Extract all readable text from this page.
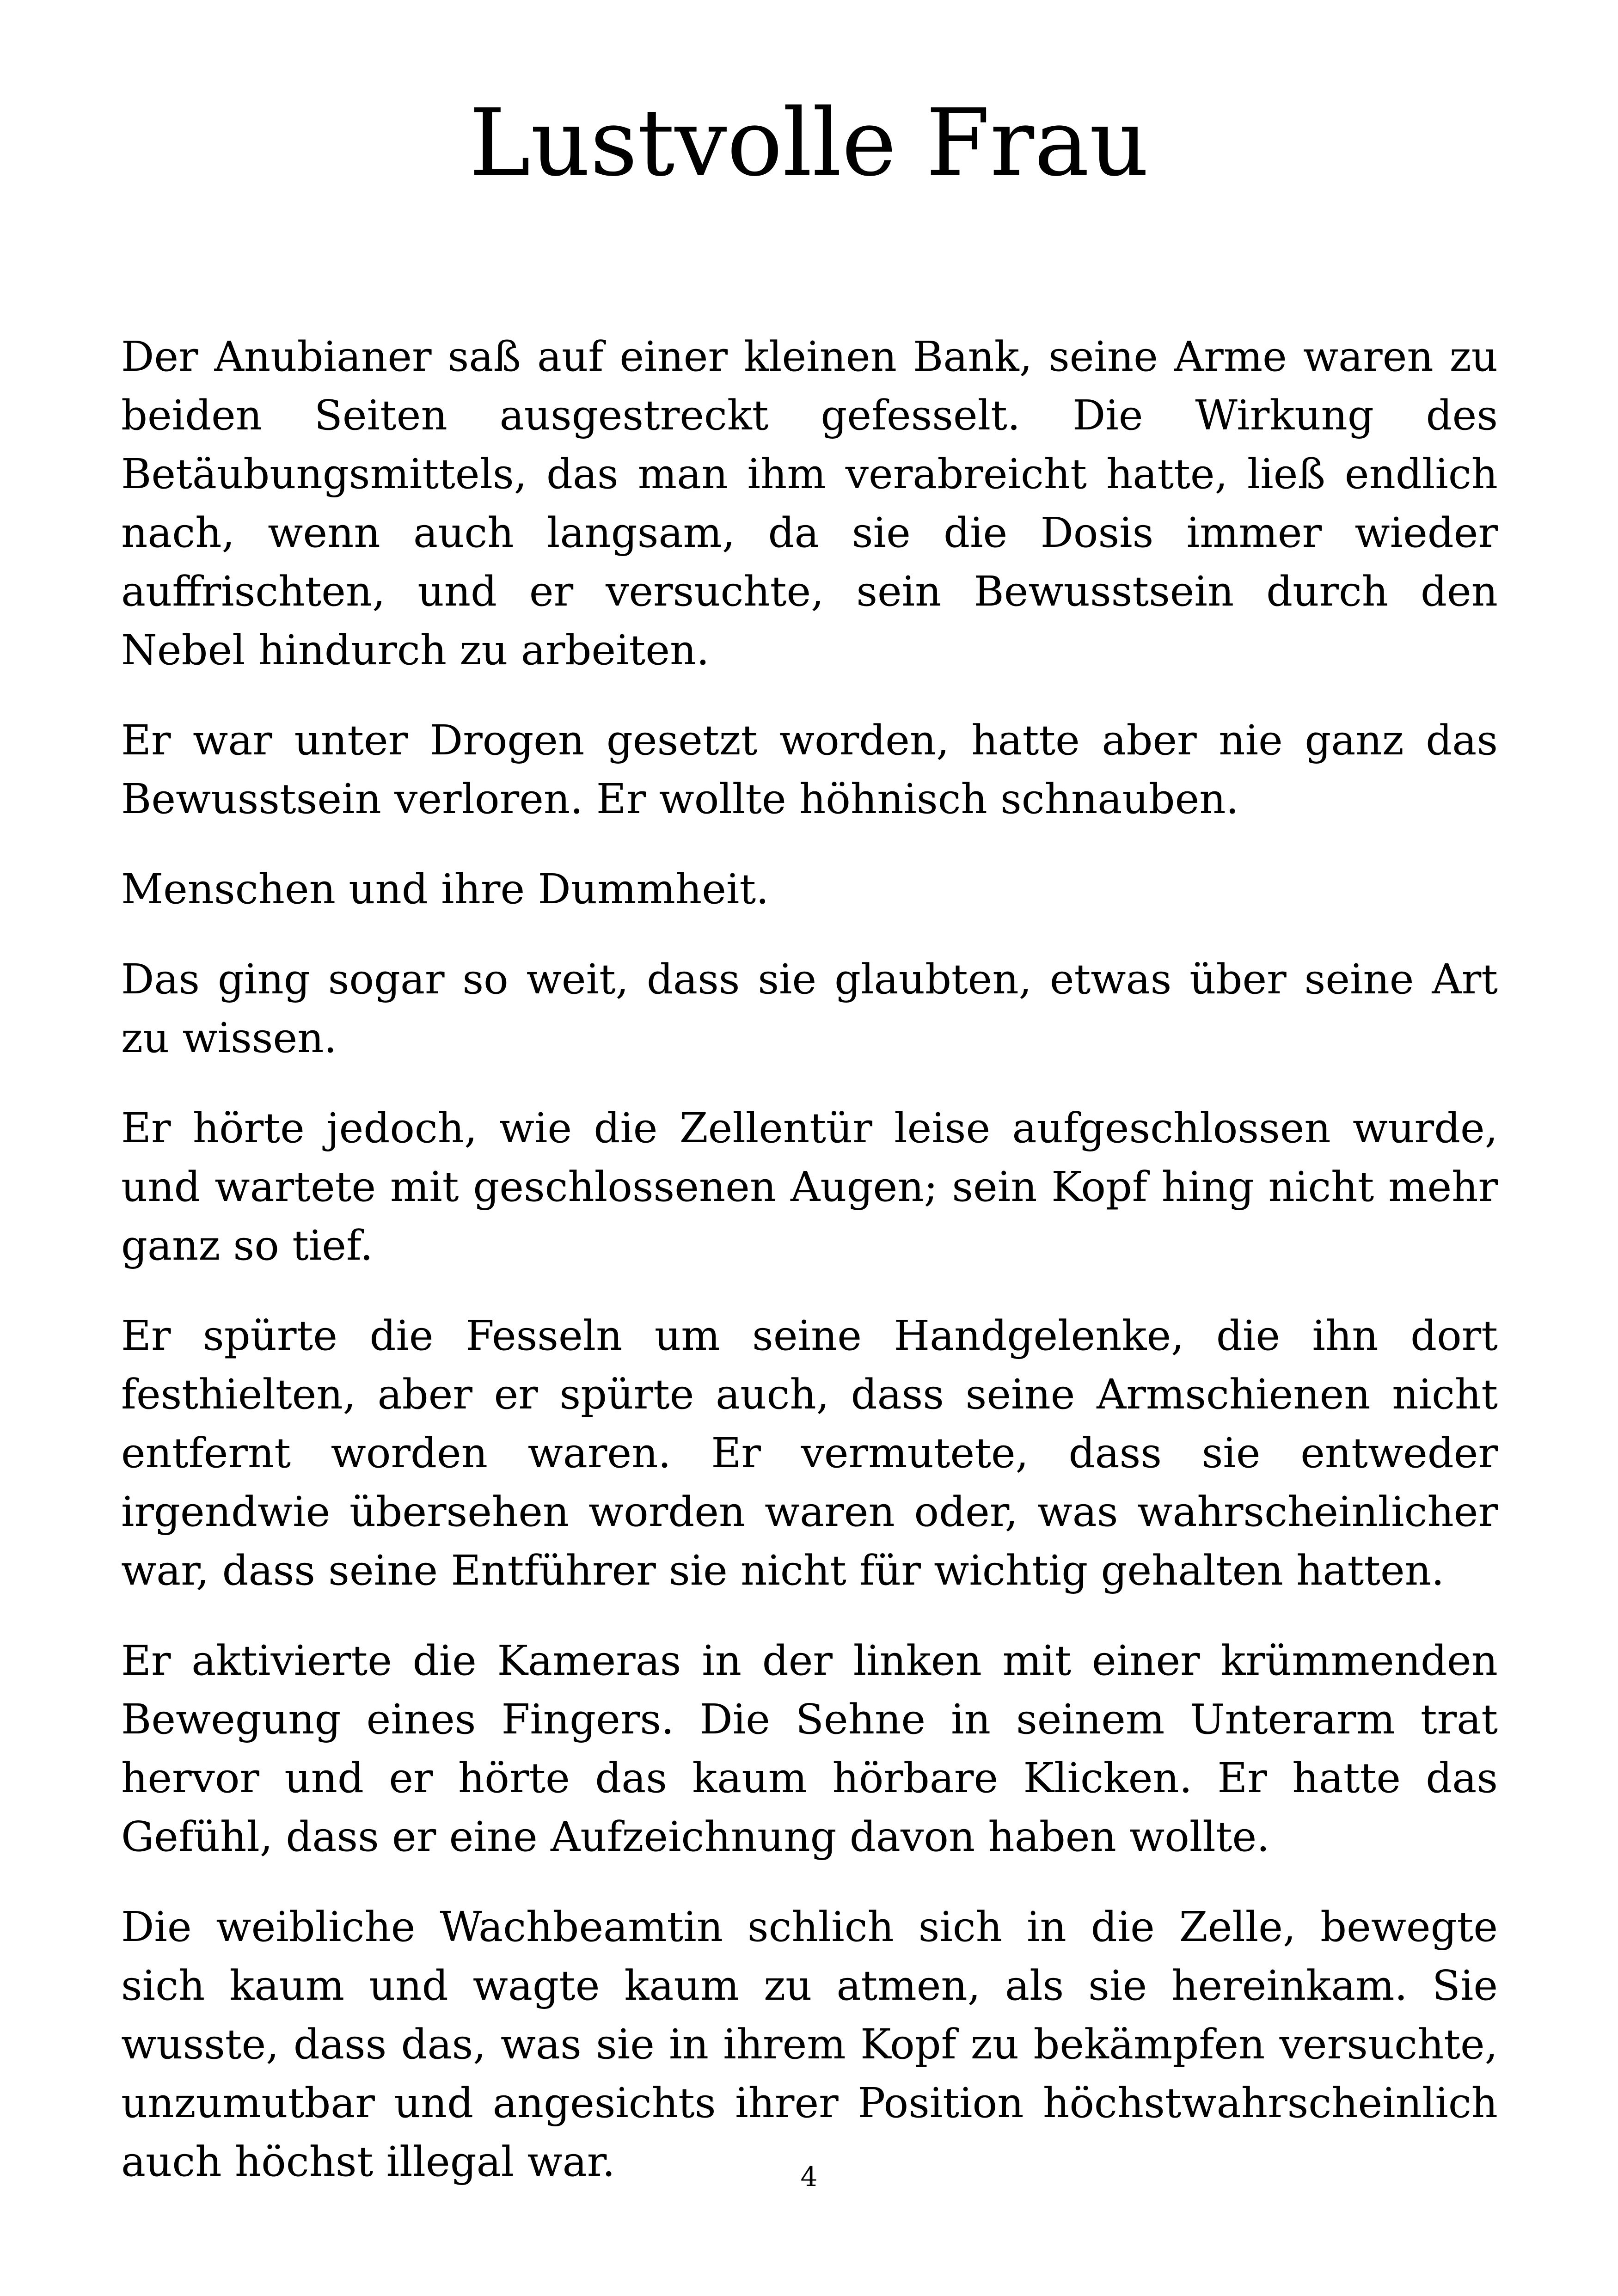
Lustvolle Frau

Der Anubianer saß auf einer kleinen Bank, seine Arme waren zu beiden Seiten ausgestreckt gefesselt. Die Wirkung des Betäubungsmittels, das man ihm verabreicht hatte, ließ endlich nach, wenn auch langsam, da sie die Dosis immer wieder auffrischten, und er versuchte, sein Bewusstsein durch den Nebel hindurch zu arbeiten.

Er war unter Drogen gesetzt worden, hatte aber nie ganz das Bewusstsein verloren. Er wollte höhnisch schnauben.

Menschen und ihre Dummheit.

Das ging sogar so weit, dass sie glaubten, etwas über seine Art zu wissen.

Er hörte jedoch, wie die Zellentür leise aufgeschlossen wurde, und wartete mit geschlossenen Augen; sein Kopf hing nicht mehr ganz so tief.

Er spürte die Fesseln um seine Handgelenke, die ihn dort festhielten, aber er spürte auch, dass seine Armschienen nicht entfernt worden waren. Er vermutete, dass sie entweder irgendwie übersehen worden waren oder, was wahrscheinlicher war, dass seine Entführer sie nicht für wichtig gehalten hatten.

Er aktivierte die Kameras in der linken mit einer krümmenden Bewegung eines Fingers. Die Sehne in seinem Unterarm trat hervor und er hörte das kaum hörbare Klicken. Er hatte das Gefühl, dass er eine Aufzeichnung davon haben wollte.

Die weibliche Wachbeamtin schlich sich in die Zelle, bewegte sich kaum und wagte kaum zu atmen, als sie hereinkam. Sie wusste, dass das, was sie in ihrem Kopf zu bekämpfen versuchte, unzumutbar und angesichts ihrer Position höchstwahrscheinlich auch höchst illegal war.	4
